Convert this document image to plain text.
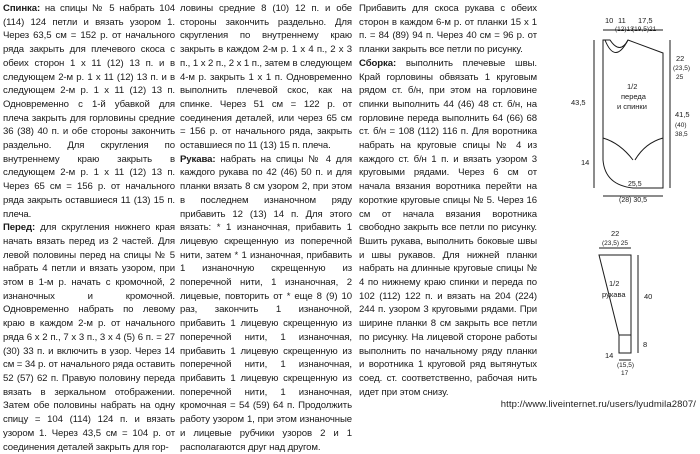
Спинка: на спицы № 5 набрать 104 (114) 124 петли и вязать узором 1. Через 63,5 см = 152 р. от начального ряда закрыть для плечевого скоса с обеих сторон 1 х 11 (12) 13 п. и в следующем 2-м р. 1 х 11 (12) 13 п. и в следующем 2-м р. 1 х 11 (12) 13 п. Одновременно с 1-й убавкой для плеча закрыть для горловины средние 36 (38) 40 п. и обе стороны закончить раздельно. Для скругления по внутреннему краю закрыть в следующем 2-м р. 1 х 11 (12) 13 п. Через 65 см = 156 р. от начального ряда закрыть оставшиеся 11 (13) 15 п. плеча.

Перед: для скругления нижнего края начать вязать перед из 2 частей. Для левой половины перед на спицы № 5 набрать 4 петли и вязать узором, при этом в 1-м р. начать с кромочной, 2 изнаночных и кромочной. Одновременно набрать по левому краю в каждом 2-м р. от начального ряда 6 х 2 п., 7 х 3 п., 3 х 4 (5) 6 п. = 27 (30) 33 п. и включить в узор. Через 14 см = 34 р. от начального ряда оставить 52 (57) 62 п. Правую половину переда вязать в зеркальном отображении. Затем обе половины набрать на одну спицу = 104 (114) 124 п. и вязать узором 1. Через 43,5 см = 104 р. от соединения деталей закрыть для гор-

ловины средние 8 (10) 12 п. и обе стороны закончить раздельно. Для скругления по внутреннему краю закрыть в каждом 2-м р. 1 х 4 п., 2 х 3 п., 1 х 2 п., 2 х 1 п., затем в следующем 4-м р. закрыть 1 х 1 п. Одновременно выполнить плечевой скос, как на спинке. Через 51 см = 122 р. от соединения деталей, или через 65 см = 156 р. от начального ряда, закрыть оставшиеся по 11 (13) 15 п. плеча.

Рукава: набрать на спицы № 4 для каждого рукава по 42 (46) 50 п. и для планки вязать 8 см узором 2, при этом в последнем изнаночном ряду прибавить 12 (13) 14 п. Для этого вязать: * 1 изнаночная, прибавить 1 лицевую скрещенную из поперечной нити, затем * 1 изнаночная, прибавить 1 изнаночную скрещенную из поперечной нити, 1 изнаночная, 2 лицевые, повторить от * еще 8 (9) 10 раз, закончить 1 изнаночной, прибавить 1 лицевую скрещенную из поперечной нити, 1 изнаночная, прибавить 1 лицевую скрещенную из поперечной нити, 1 изнаночная, прибавить 1 лицевую скрещенную из поперечной нити, 1 изнаночная, кромочная = 54 (59) 64 п. Продолжить работу узором 1, при этом изнаночные и лицевые рубчики узоров 2 и 1 располагаются друг над другом.

Прибавить для скоса рукава с обеих сторон в каждом 6-м р. от планки 15 х 1 п. = 84 (89) 94 п. Через 40 см = 96 р. от планки закрыть все петли по рисунку.

Сборка: выполнить плечевые швы. Край горловины обвязать 1 круговым рядом ст. б/н, при этом на горловине спинки выполнить 44 (46) 48 ст. б/н, на горловине переда выполнить 64 (66) 68 ст. б/н = 108 (112) 116 п. Для воротника набрать на круговые спицы № 4 из каждого ст. б/н 1 п. и вязать узором 3 круговыми рядами. Через 6 см от начала вязания воротника перейти на короткие круговые спицы № 5. Через 16 см от начала вязания воротника свободно закрыть все петли по рисунку. Вшить рукава, выполнить боковые швы и швы рукавов. Для нижней планки набрать на длинные круговые спицы № 4 по нижнему краю спинки и переда по 102 (112) 122 п. и вязать на 204 (224) 244 п. узором 3 круговыми рядами. При ширине планки 8 см закрыть все петли по рисунку. На лицевой стороне работы выполнить по начальному ряду планки и воротника 1 круговой ряд вытянутых соед. ст. соответственно, рабочая нить идет при этом снизу.

10 11
(12)13
17,5
(19,5)21
22
(23,5)
25
1/2
переда
и спинки
43,5
41,5
(40)
38,5
14
25,5
(28) 30,5
22
(23,5) 25
1/2
рукава 40
8
14
(15,5)
17
http://www.liveinternet.ru/users/lyudmila2807/
